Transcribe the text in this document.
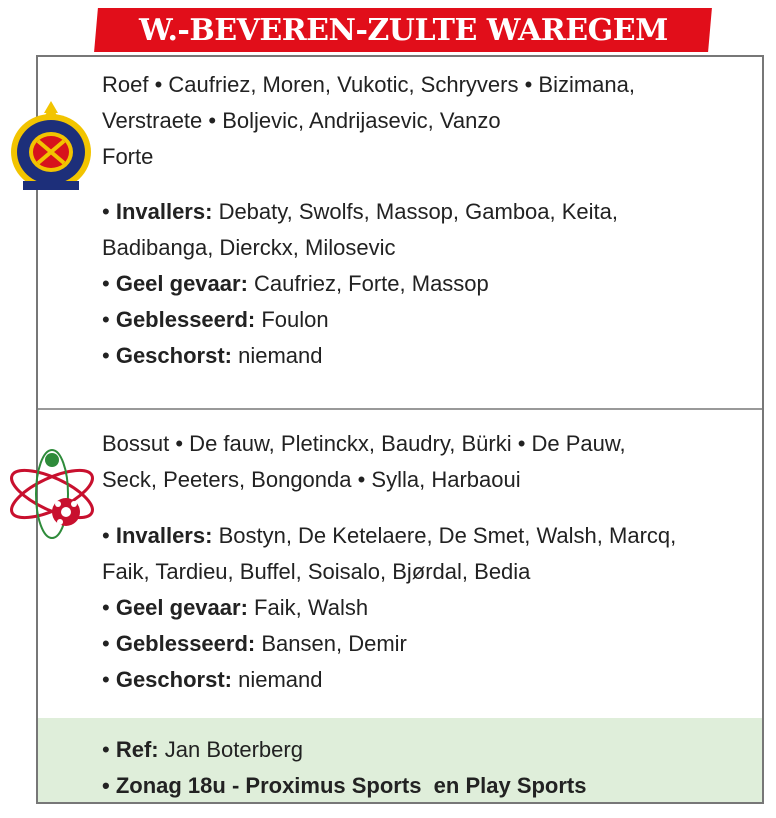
W.-BEVEREN-ZULTE WAREGEM
Roef • Caufriez, Moren, Vukotic, Schryvers • Bizimana,
Verstraete • Boljevic, Andrijasevic, Vanzo
Forte
• Invallers: Debaty, Swolfs, Massop, Gamboa, Keita,
Badibanga, Dierckx, Milosevic
• Geel gevaar: Caufriez, Forte, Massop
• Geblesseerd: Foulon
• Geschorst: niemand
Bossut • De fauw, Pletinckx, Baudry, Bürki • De Pauw,
Seck, Peeters, Bongonda • Sylla, Harbaoui
• Invallers: Bostyn, De Ketelaere, De Smet, Walsh, Marcq,
Faik, Tardieu, Buffel, Soisalo, Bjørdal, Bedia
• Geel gevaar: Faik, Walsh
• Geblesseerd: Bansen, Demir
• Geschorst: niemand
• Ref: Jan Boterberg
• Zonag 18u - Proximus Sports  en Play Sports
